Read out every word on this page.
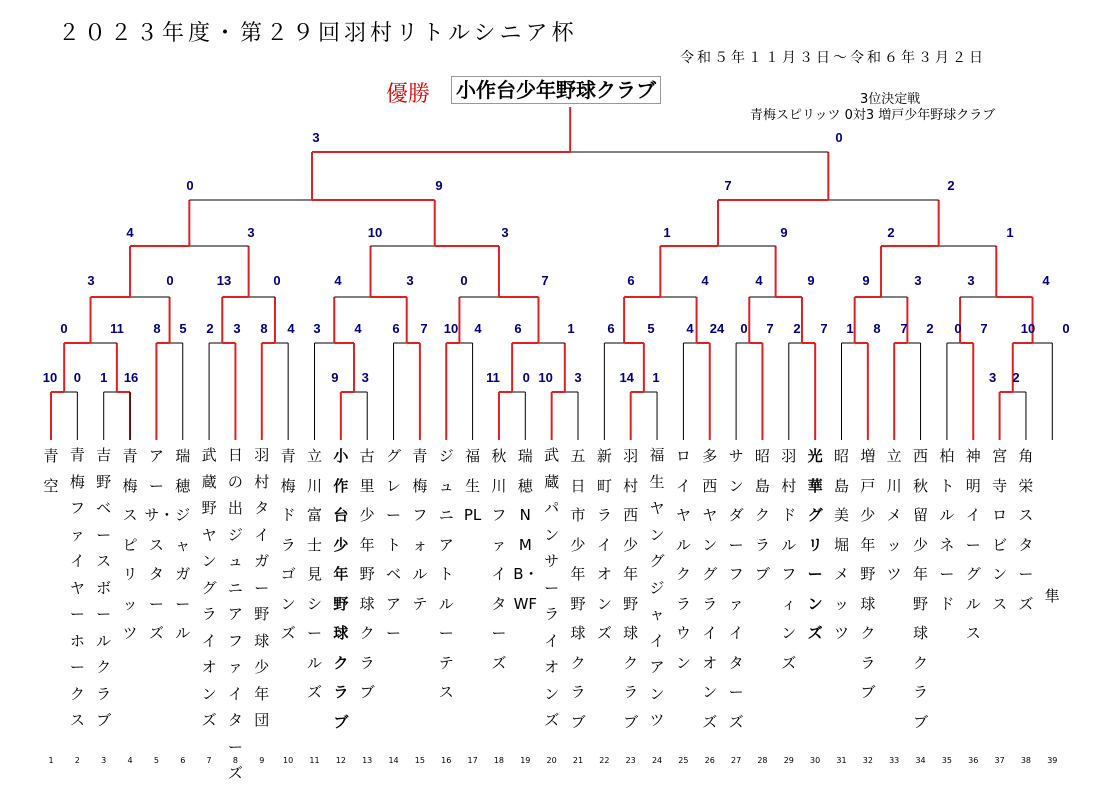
２０２３年度・第２９回羽村リトルシニア杯
令和５年１１月３日～令和６年３月２日
優勝 小作台少年野球クラブ	3位決定戦
青梅スピリッツ 0対3 増戸少年野球クラブ
10 0 1 16	9 3	11 0 10 3	14 1	3 2
0	11 8 5 2 3 8 4 3	4 6 7 10 4	6	1	6	5 4 24 0 7 2 7 1 8 7 2 0 7	10 0
3	0	13	0	4	3	0	7	6	4	4	9	9	3	3	4
4	3	10	3	1	9	2	1
0	9	7	2
3	0
青空
1
青梅ファイヤーホークス
2
吉野ベースボールクラブ
3
青梅スピリッツ
4
アーサ・スターズ
5
瑞穂ジャガール
6
武蔵野ヤングライオンズ
7
日の出ジュニアファイターズ
8
羽村タイガー野球少年団
9
青梅ドラゴンズ
10
立川富士見シールズ
11
小作台少年野球クラブ
12
古里少年野球クラブ
13
グレートベアー
14
青梅フォルテ
15
ジュニアトルーテス
16
福生PL
17
秋川ファイターズ
18
瑞穂NMB・WF
19
武蔵パンサーライオンズ
20
五日市少年野球クラブ
21
新町ライオンズ
22
羽村西少年野球クラブ
23
福生ヤングジャイアンツ
24
ロイヤルクラウン
25
多西ヤングライオンズ
26
サンダーファイターズ
27
昭島クラブ
28
羽村ドルフィンズ
29
光華グリーンズ
30
昭島美堀メッツ
31
増戸少年野球クラブ
32
立川メッツ
33
西秋留少年野球クラブ
34
柏トルネード
35
神明イーグルス
36
宮寺ロビンス
37
角栄スターズ
38
隼
39
